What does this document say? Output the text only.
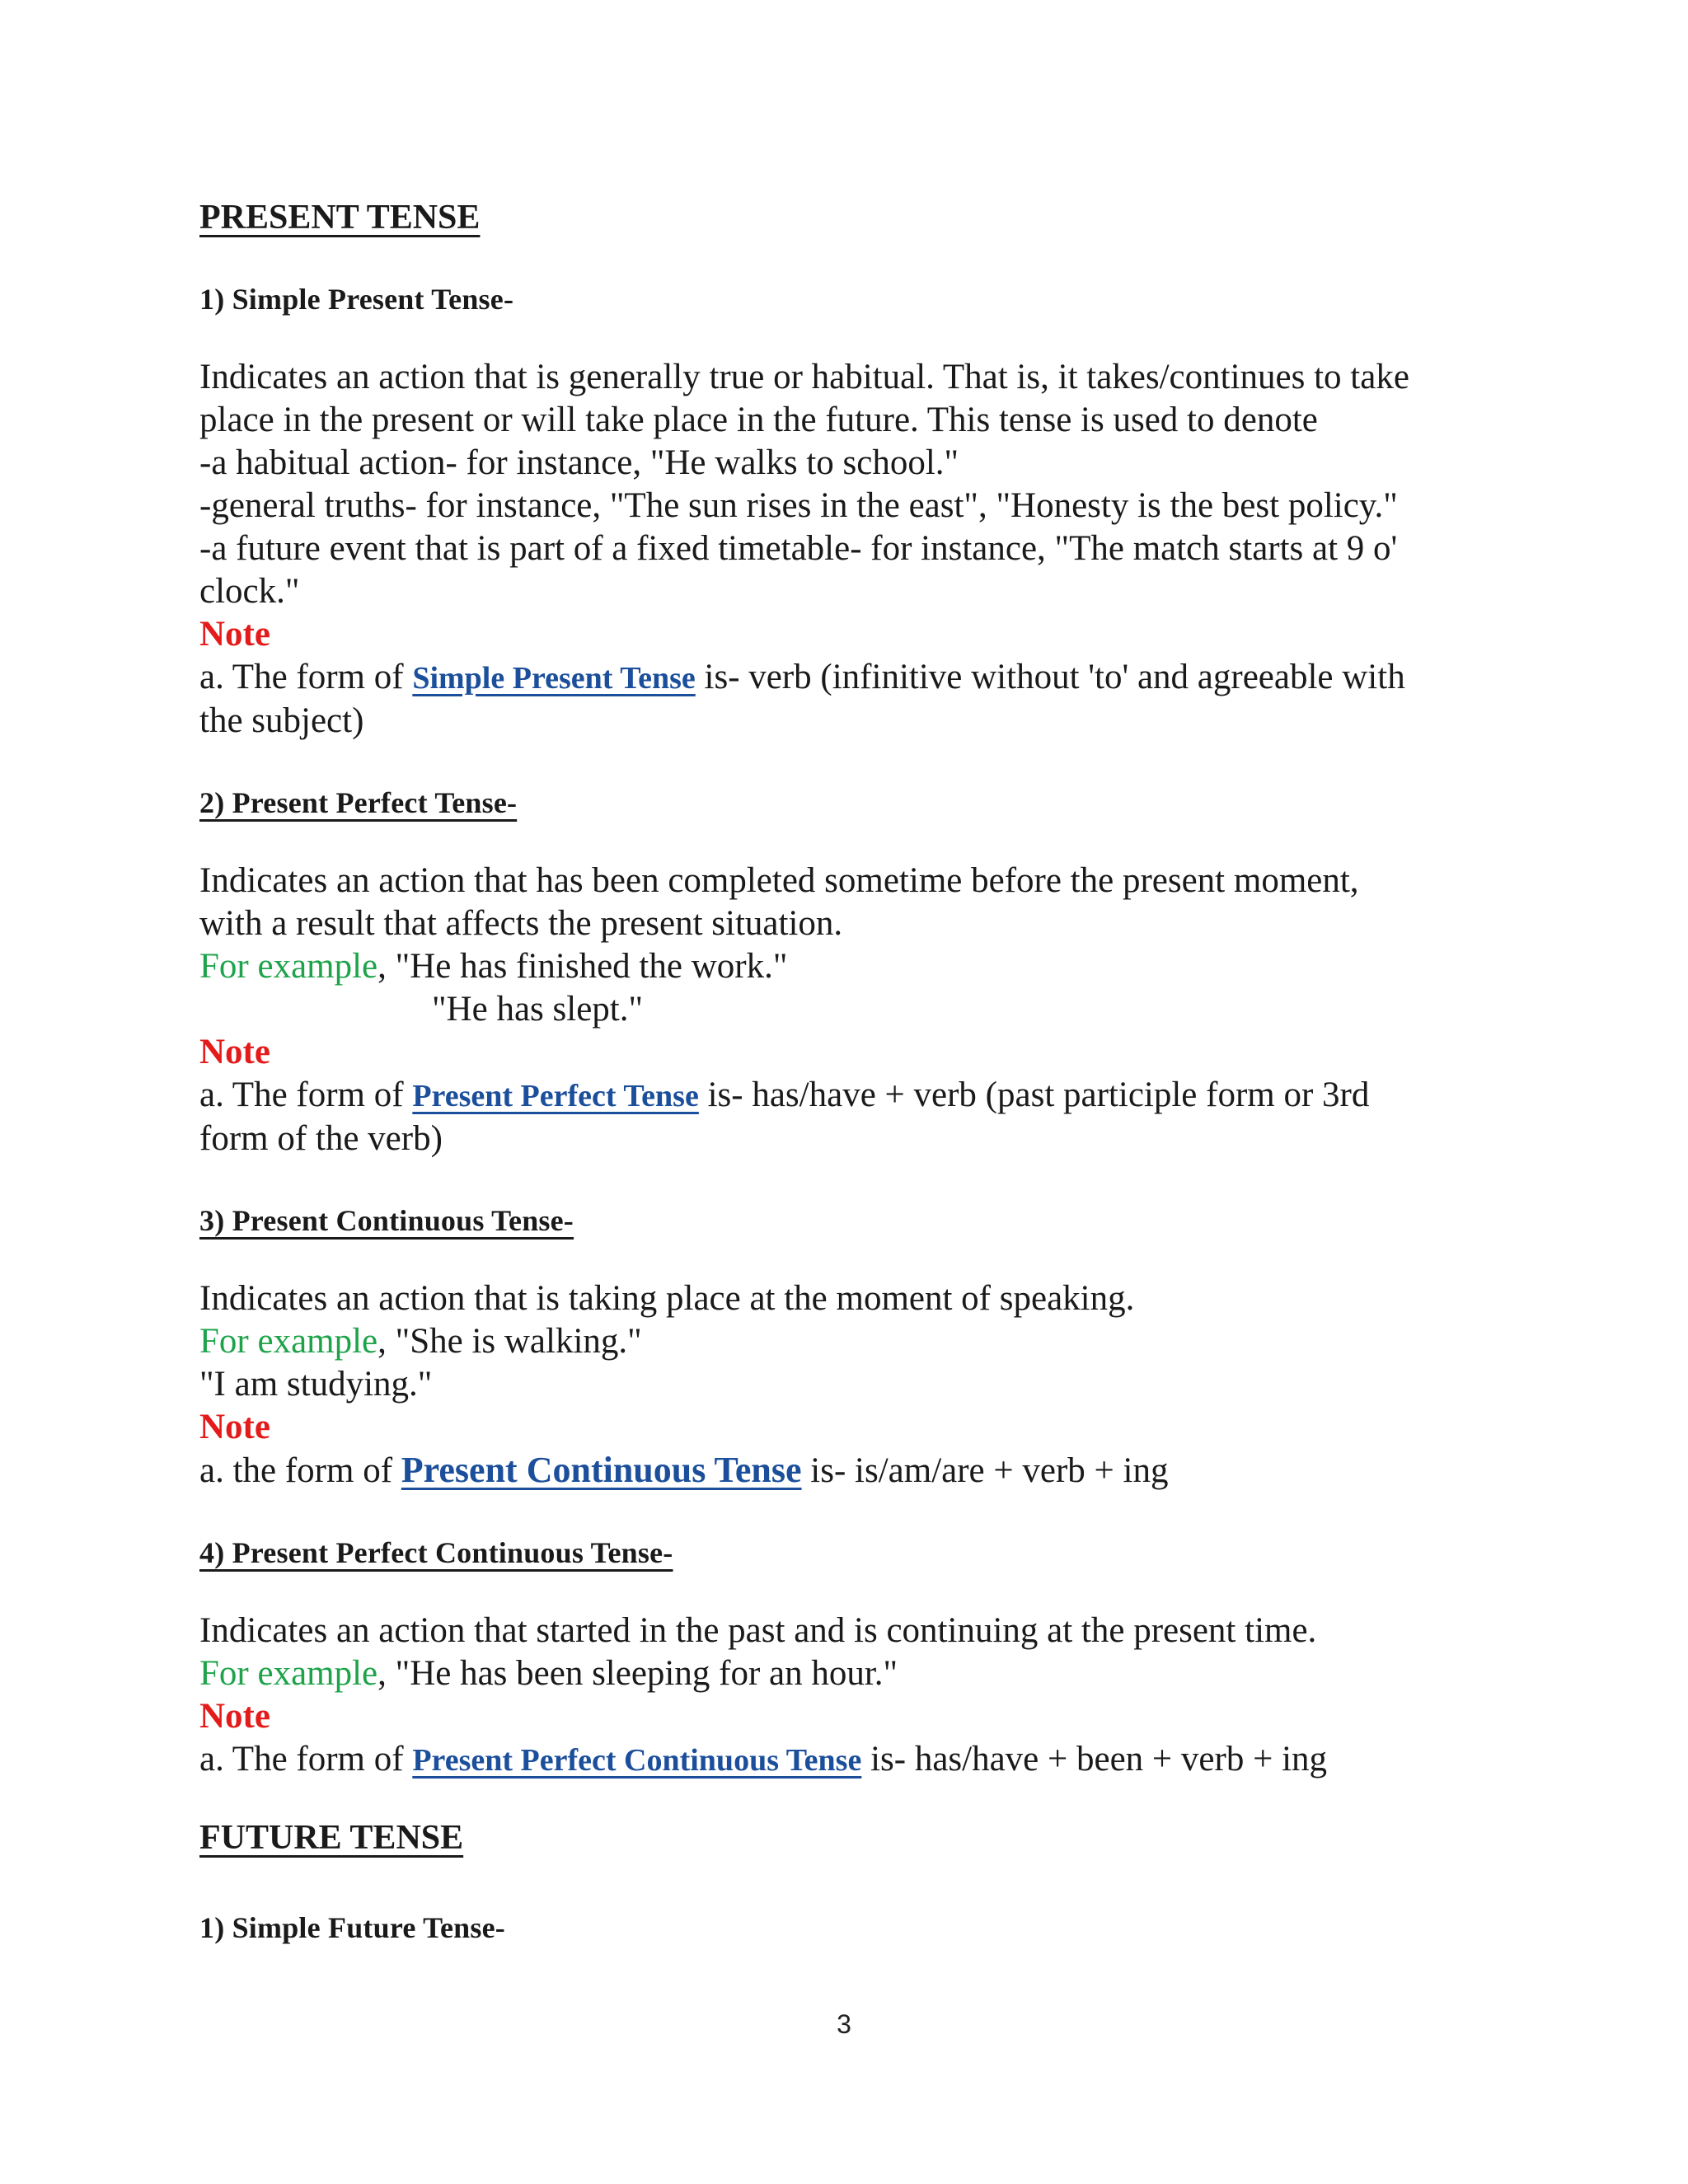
PRESENT TENSE
1) Simple Present Tense-

Indicates an action that is generally true or habitual. That is, it takes/continues to take

place in the present or will take place in the future. This tense is used to denote

-a habitual action- for instance, "He walks to school."

-general truths- for instance, "The sun rises in the east", "Honesty is the best policy."

-a future event that is part of a fixed timetable- for instance, "The match starts at 9 o'

clock."

Note

a. The form of Simple Present Tense is- verb (infinitive without 'to' and agreeable with

the subject)

2) Present Perfect Tense-

Indicates an action that has been completed sometime before the present moment,

with a result that affects the present situation.

For example, "He has finished the work."

"He has slept."

Note

a. The form of Present Perfect Tense is- has/have + verb (past participle form or 3rd

form of the verb)

3) Present Continuous Tense-

Indicates an action that is taking place at the moment of speaking.

For example, "She is walking."

"I am studying."

Note

a. the form of Present Continuous Tense is- is/am/are + verb + ing

4) Present Perfect Continuous Tense-

Indicates an action that started in the past and is continuing at the present time.

For example, "He has been sleeping for an hour."

Note

a. The form of Present Perfect Continuous Tense is- has/have + been + verb + ing

FUTURE TENSE
1) Simple Future Tense-
3
